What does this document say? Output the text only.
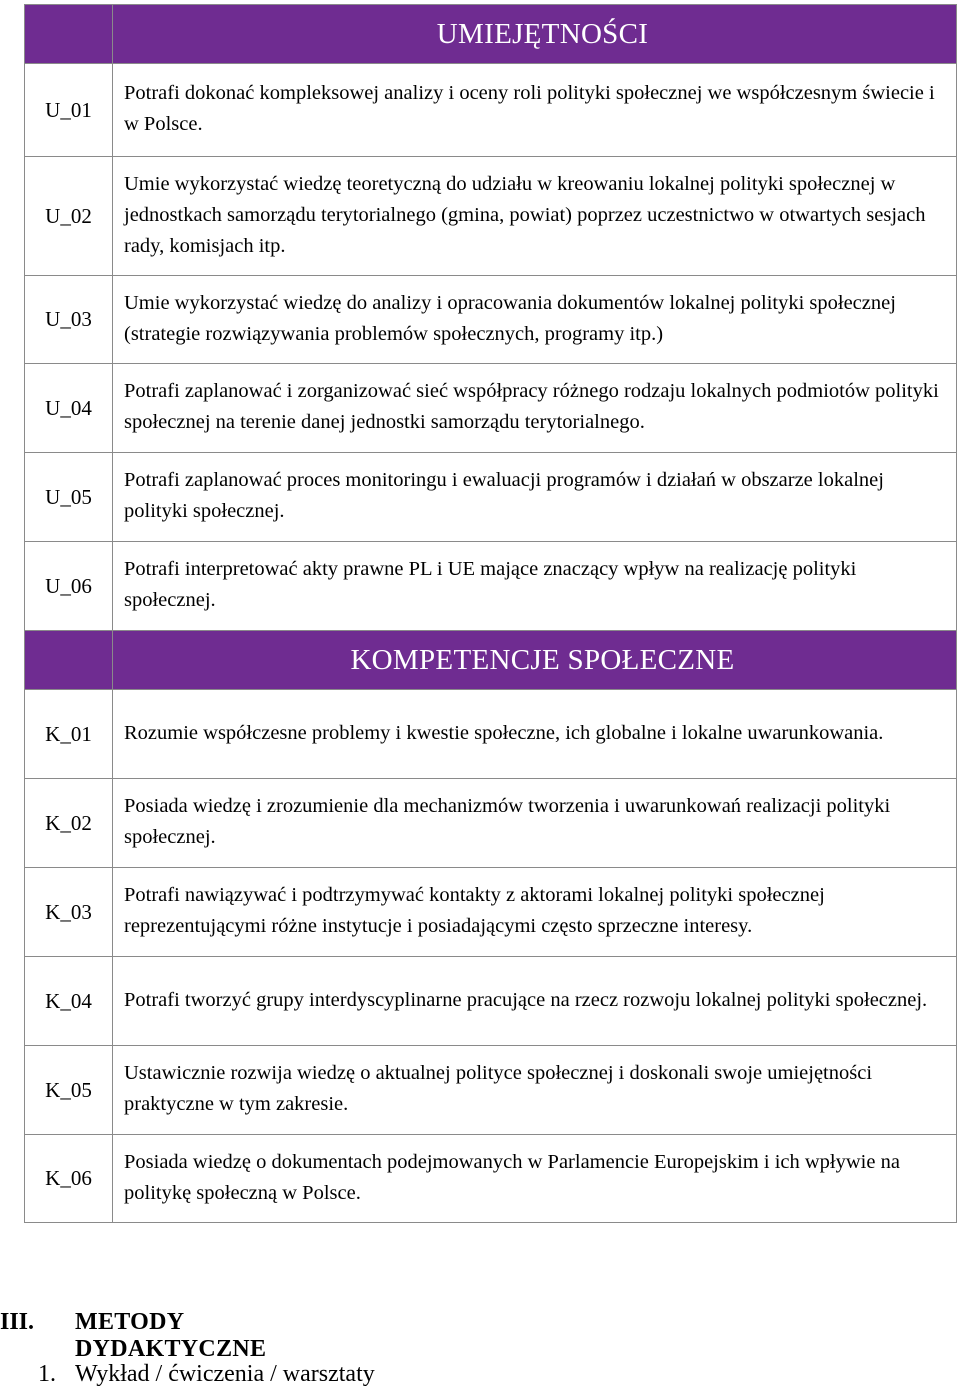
	UMIEJĘTNOŚCI
U_01	Potrafi dokonać kompleksowej analizy i oceny roli polityki społecznej we współczesnym świecie i w Polsce.
U_02	Umie wykorzystać wiedzę teoretyczną do udziału w kreowaniu lokalnej polityki społecznej w jednostkach samorządu terytorialnego (gmina, powiat) poprzez uczestnictwo w otwartych sesjach rady, komisjach itp.
U_03	Umie wykorzystać wiedzę do analizy i opracowania dokumentów lokalnej polityki społecznej (strategie rozwiązywania problemów społecznych, programy itp.)
U_04	Potrafi zaplanować i zorganizować sieć współpracy różnego rodzaju lokalnych podmiotów polityki społecznej na terenie danej jednostki samorządu terytorialnego.
U_05	Potrafi zaplanować proces monitoringu i ewaluacji programów i działań w obszarze lokalnej polityki społecznej.
U_06	Potrafi interpretować akty prawne PL i UE mające znaczący wpływ na realizację polityki społecznej.
	KOMPETENCJE SPOŁECZNE
K_01	Rozumie współczesne problemy i kwestie społeczne, ich globalne i lokalne uwarunkowania.
K_02	Posiada wiedzę i zrozumienie dla mechanizmów tworzenia i uwarunkowań realizacji polityki społecznej.
K_03	Potrafi nawiązywać i podtrzymywać kontakty z aktorami lokalnej polityki społecznej reprezentującymi różne instytucje i posiadającymi często sprzeczne interesy.
K_04	Potrafi tworzyć grupy interdyscyplinarne pracujące na rzecz rozwoju lokalnej polityki społecznej.
K_05	Ustawicznie rozwija wiedzę o aktualnej polityce społecznej i doskonali swoje umiejętności praktyczne w tym zakresie.
K_06	Posiada wiedzę o dokumentach podejmowanych w Parlamencie Europejskim i ich wpływie na politykę społeczną w Polsce.
III. METODY DYDAKTYCZNE
1. Wykład / ćwiczenia / warsztaty
